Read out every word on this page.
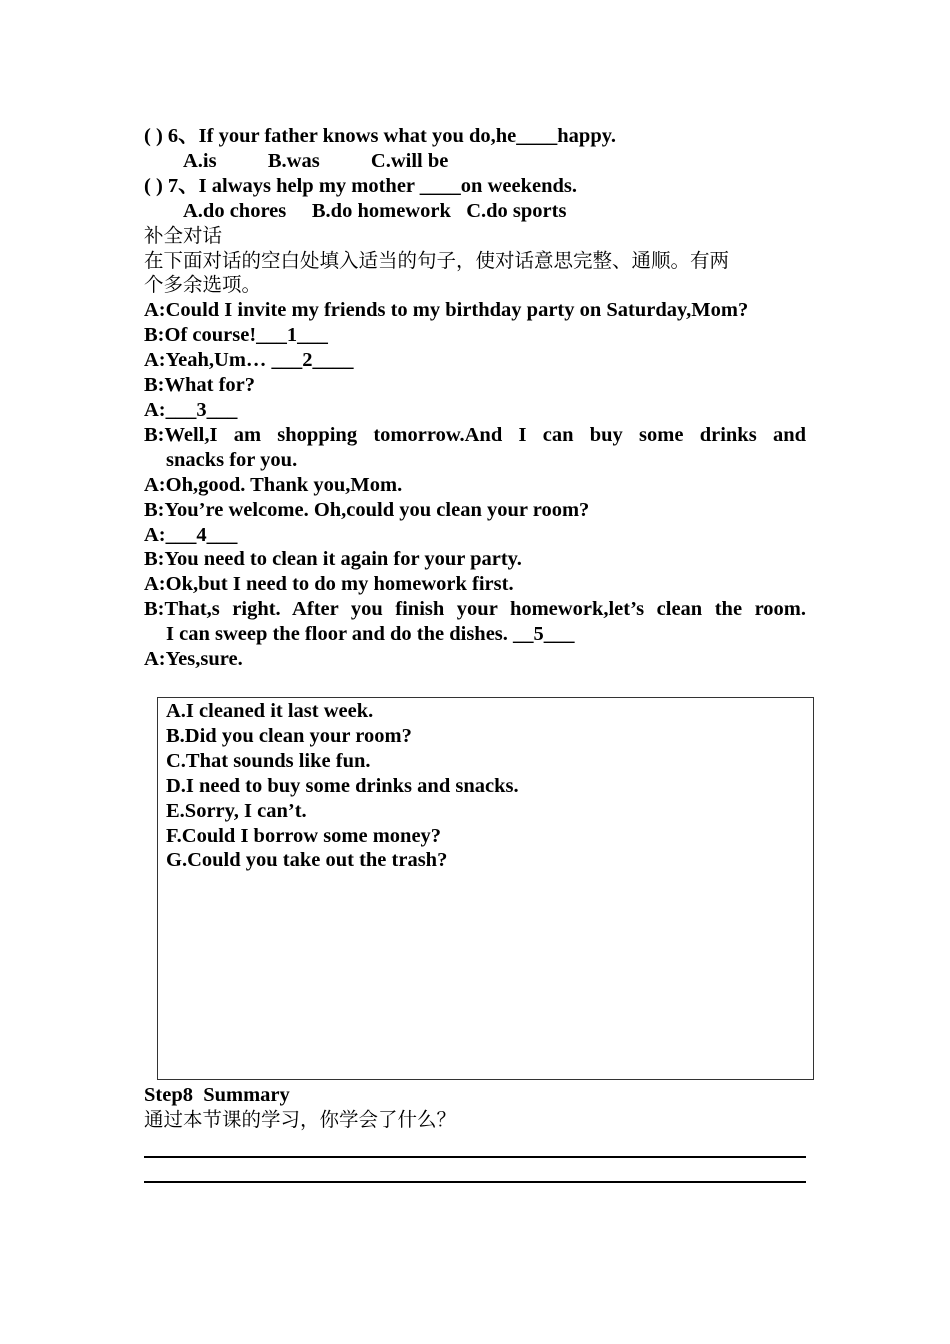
( ) 6、If your father knows what you do,he____happy.
A.is          B.was          C.will be
( ) 7、I always help my mother ____on weekends.
A.do chores     B.do homework   C.do sports
补全对话
在下面对话的空白处填入适当的句子，使对话意思完整、通顺。有两
个多余选项。
A:Could I invite my friends to my birthday party on Saturday,Mom?
B:Of course!___1___
A:Yeah,Um… ___2____
B:What for?
A:___3___
B:Well,I am shopping tomorrow.And I can buy some drinks and
snacks for you.
A:Oh,good. Thank you,Mom.
B:You’re welcome. Oh,could you clean your room?
A:___4___
B:You need to clean it again for your party.
A:Ok,but I need to do my homework first.
B:That,s right. After you finish your homework,let’s clean the room.
I can sweep the floor and do the dishes. __5___
A:Yes,sure.
A.I cleaned it last week.
B.Did you clean your room?
C.That sounds like fun.
D.I need to buy some drinks and snacks.
E.Sorry, I can’t.
F.Could I borrow some money?
G.Could you take out the trash?
Step8  Summary
通过本节课的学习，你学会了什么？
